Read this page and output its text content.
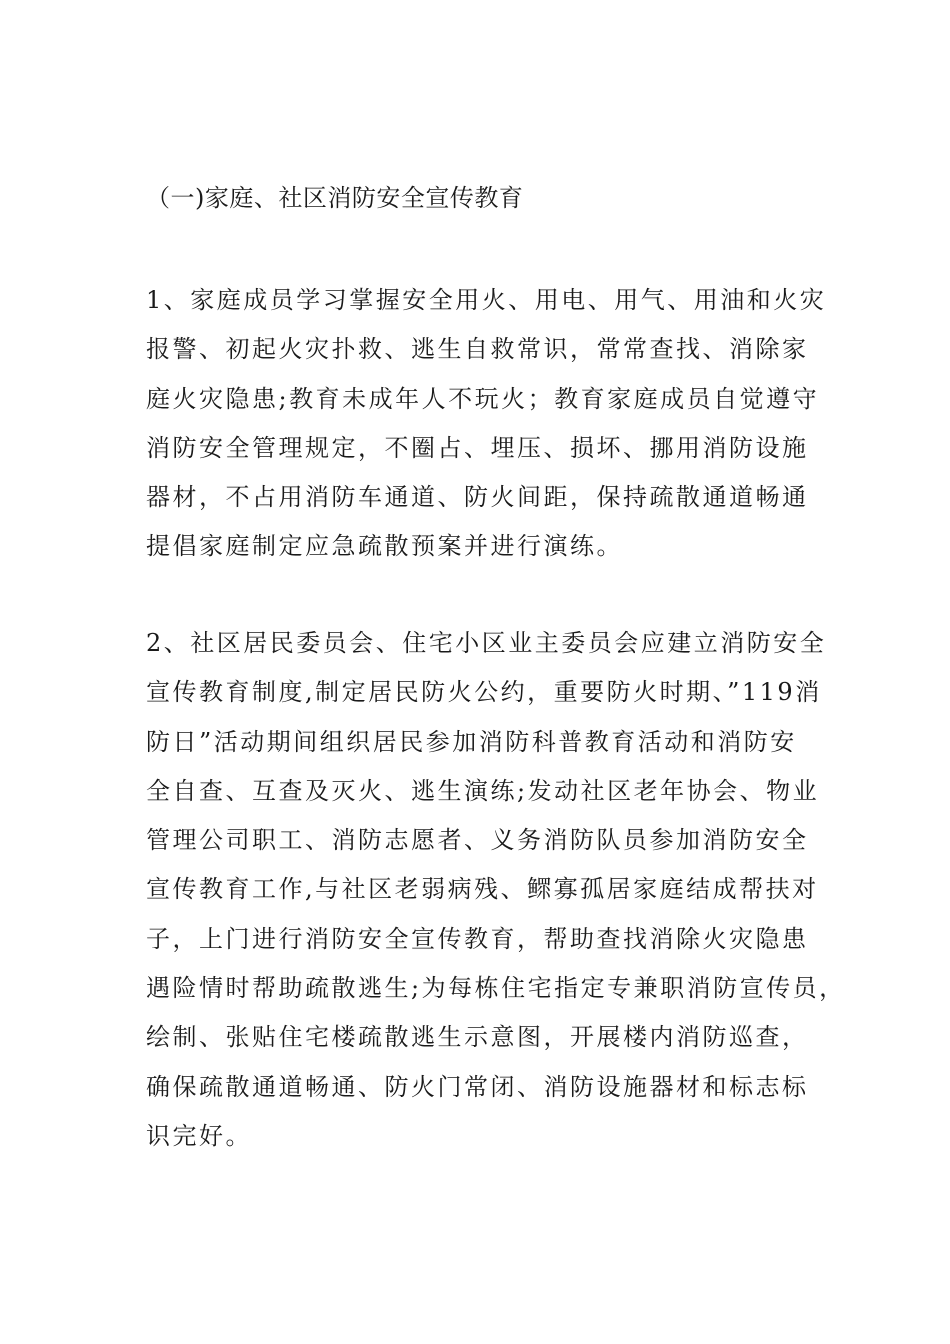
（一)家庭、社区消防安全宣传教育
1、家庭成员学习掌握安全用火、用电、用气、用油和火灾
报警、初起火灾扑救、逃生自救常识，常常查找、消除家
庭火灾隐患;教育未成年人不玩火；教育家庭成员自觉遵守
消防安全管理规定，不圈占、埋压、损坏、挪用消防设施
器材，不占用消防车通道、防火间距，保持疏散通道畅通
提倡家庭制定应急疏散预案并进行演练。
2、社区居民委员会、住宅小区业主委员会应建立消防安全
宣传教育制度,制定居民防火公约，重要防火时期、”119消
防日”活动期间组织居民参加消防科普教育活动和消防安
全自查、互查及灭火、逃生演练;发动社区老年协会、物业
管理公司职工、消防志愿者、义务消防队员参加消防安全
宣传教育工作,与社区老弱病残、鳏寡孤居家庭结成帮扶对
子，上门进行消防安全宣传教育，帮助查找消除火灾隐患
遇险情时帮助疏散逃生;为每栋住宅指定专兼职消防宣传员，
绘制、张贴住宅楼疏散逃生示意图，开展楼内消防巡查，
确保疏散通道畅通、防火门常闭、消防设施器材和标志标
识完好。
